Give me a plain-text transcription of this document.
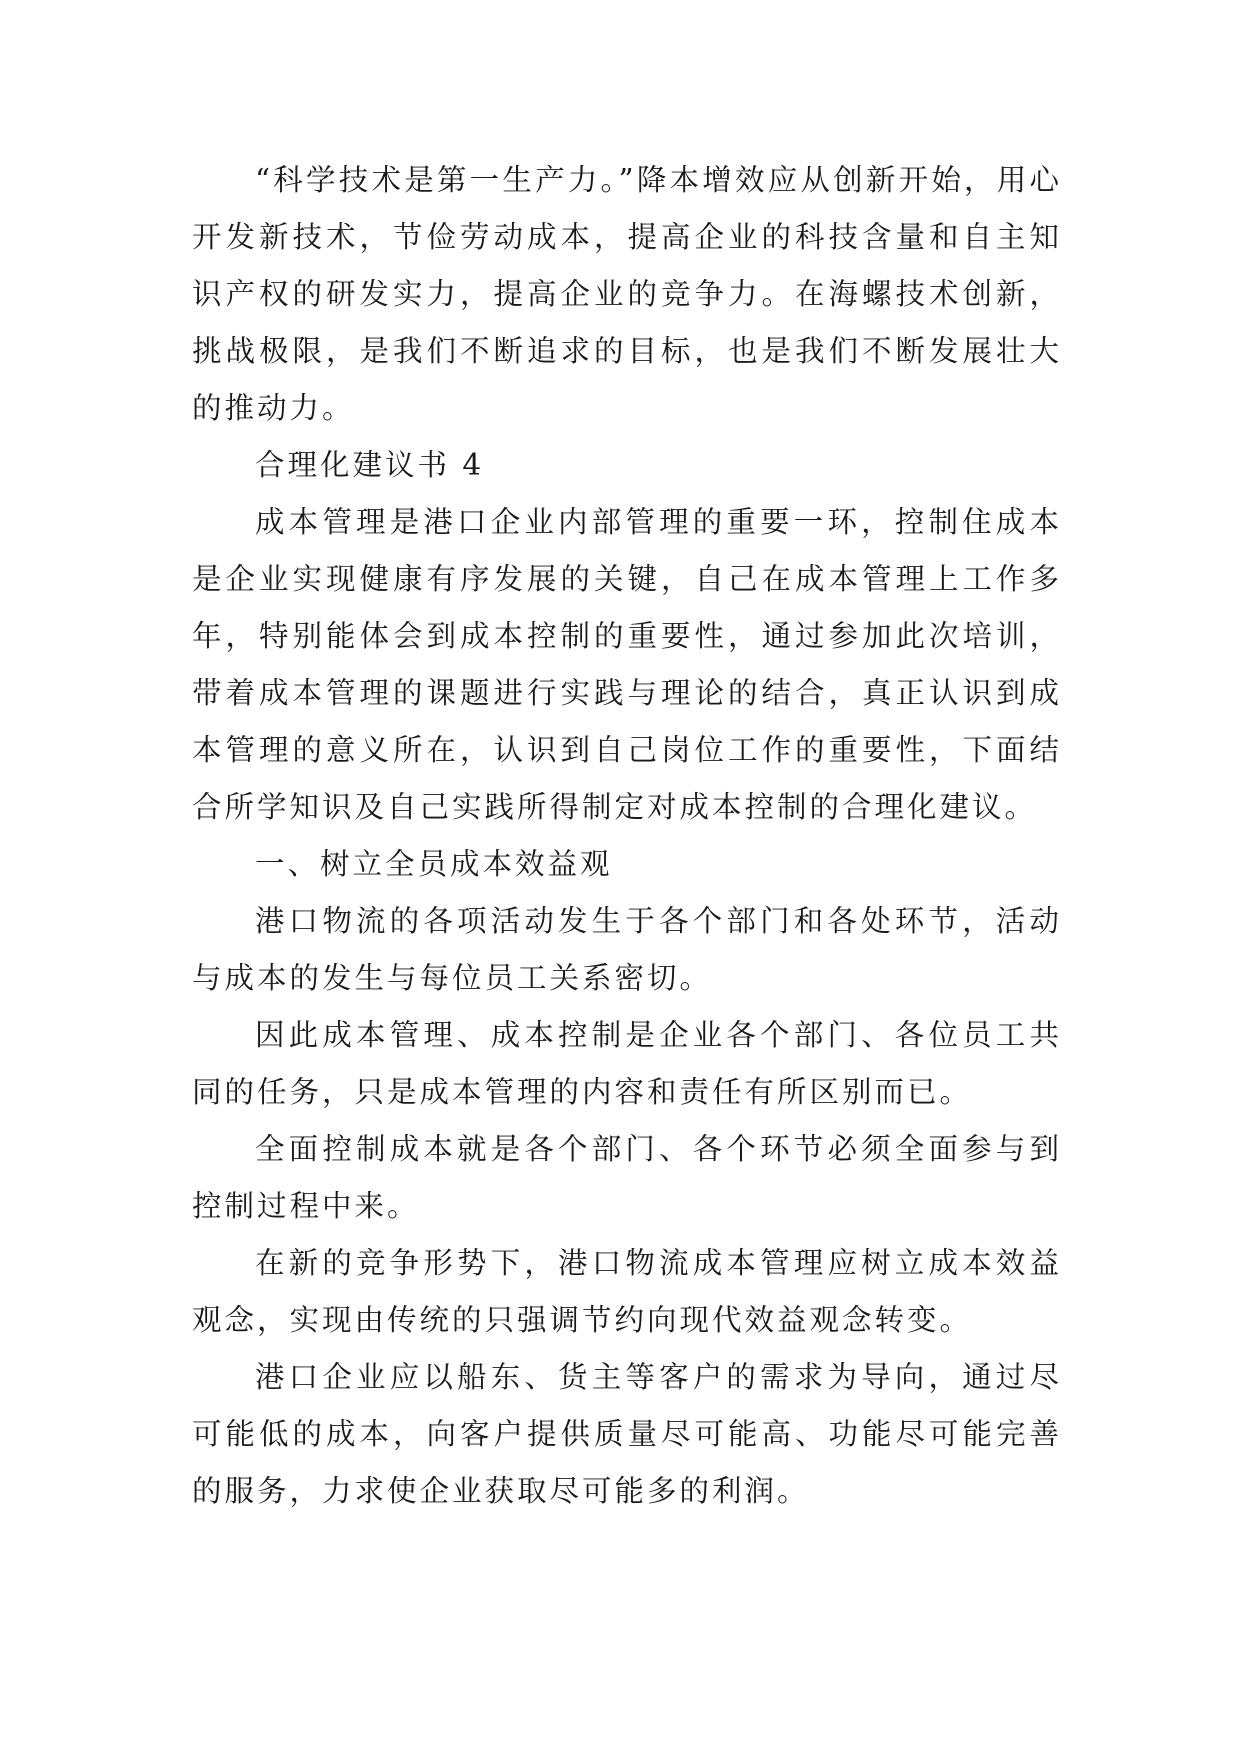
“科学技术是第一生产力。”降本增效应从创新开始，用心开发新技术，节俭劳动成本，提高企业的科技含量和自主知识产权的研发实力，提高企业的竞争力。在海螺技术创新，挑战极限，是我们不断追求的目标，也是我们不断发展壮大的推动力。

合理化建议书 4

成本管理是港口企业内部管理的重要一环，控制住成本是企业实现健康有序发展的关键，自己在成本管理上工作多年，特别能体会到成本控制的重要性，通过参加此次培训，带着成本管理的课题进行实践与理论的结合，真正认识到成本管理的意义所在，认识到自己岗位工作的重要性，下面结合所学知识及自己实践所得制定对成本控制的合理化建议。

一、树立全员成本效益观

港口物流的各项活动发生于各个部门和各处环节，活动与成本的发生与每位员工关系密切。

因此成本管理、成本控制是企业各个部门、各位员工共同的任务，只是成本管理的内容和责任有所区别而已。

全面控制成本就是各个部门、各个环节必须全面参与到控制过程中来。

在新的竞争形势下，港口物流成本管理应树立成本效益观念，实现由传统的只强调节约向现代效益观念转变。

港口企业应以船东、货主等客户的需求为导向，通过尽可能低的成本，向客户提供质量尽可能高、功能尽可能完善的服务，力求使企业获取尽可能多的利润。
